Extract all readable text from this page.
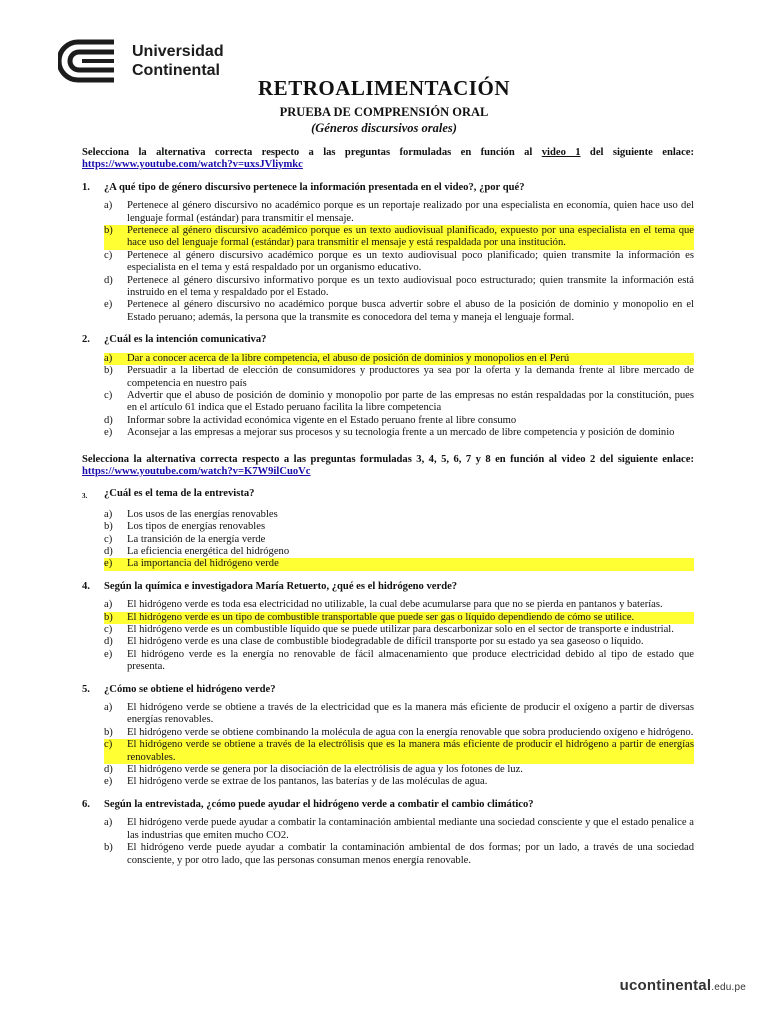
Universidad
Continental
RETROALIMENTACIÓN
PRUEBA DE COMPRENSIÓN ORAL
(Géneros discursivos orales)

Selecciona la alternativa correcta respecto a las preguntas formuladas en función al video 1 del siguiente enlace: https://www.youtube.com/watch?v=uxsJVliymkc

1.	¿A qué tipo de género discursivo pertenece la información presentada en el video?, ¿por qué?
a)	Pertenece al género discursivo no académico porque es un reportaje realizado por una especialista en economía, quien hace uso del lenguaje formal (estándar) para transmitir el mensaje.
b)	Pertenece al género discursivo académico porque es un texto audiovisual planificado, expuesto por una especialista en el tema que hace uso del lenguaje formal (estándar) para transmitir el mensaje y está respaldada por una institución.
c)	Pertenece al género discursivo académico porque es un texto audiovisual poco planificado; quien transmite la información es especialista en el tema y está respaldado por un organismo educativo.
d)	Pertenece al género discursivo informativo porque es un texto audiovisual poco estructurado; quien transmite la información está instruido en el tema y respaldado por el Estado.
e)	Pertenece al género discursivo no académico porque busca advertir sobre el abuso de la posición de dominio y monopolio en el Estado peruano; además, la persona que la transmite es conocedora del tema y maneja el lenguaje formal.
2.	¿Cuál es la intención comunicativa?
a)	Dar a conocer acerca de la libre competencia, el abuso de posición de dominios y monopolios en el Perú
b)	Persuadir a la libertad de elección de consumidores y productores ya sea por la oferta y la demanda frente al libre mercado de competencia en nuestro país
c)	Advertir que el abuso de posición de dominio y monopolio por parte de las empresas no están respaldadas por la constitución, pues en el artículo 61 indica que el Estado peruano facilita la libre competencia
d)	Informar sobre la actividad económica vigente en el Estado peruano frente al libre consumo
e)	Aconsejar a las empresas a mejorar sus procesos y su tecnología frente a un mercado de libre competencia y posición de dominio

Selecciona la alternativa correcta respecto a las preguntas formuladas 3, 4, 5, 6, 7 y 8 en función al video 2 del siguiente enlace: https://www.youtube.com/watch?v=K7W9ilCuoVc

3.	¿Cuál es el tema de la entrevista?
a)	Los usos de las energías renovables
b)	Los tipos de energías renovables
c)	La transición de la energía verde
d)	La eficiencia energética del hidrógeno
e)	La importancia del hidrógeno verde
4.	Según la química e investigadora María Retuerto, ¿qué es el hidrógeno verde?
a)	El hidrógeno verde es toda esa electricidad no utilizable, la cual debe acumularse para que no se pierda en pantanos y baterías.
b)	El hidrógeno verde es un tipo de combustible transportable que puede ser gas o líquido dependiendo de cómo se utilice.
c)	El hidrógeno verde es un combustible líquido que se puede utilizar para descarbonizar solo en el sector de transporte e industrial.
d)	El hidrógeno verde es una clase de combustible biodegradable de difícil transporte por su estado ya sea gaseoso o líquido.
e)	El hidrógeno verde es la energía no renovable de fácil almacenamiento que produce electricidad debido al tipo de estado que presenta.
5.	¿Cómo se obtiene el hidrógeno verde?
a)	El hidrógeno verde se obtiene a través de la electricidad que es la manera más eficiente de producir el oxígeno a partir de diversas energías renovables.
b)	El hidrógeno verde se obtiene combinando la molécula de agua con la energía renovable que sobra produciendo oxígeno e hidrógeno.
c)	El hidrógeno verde se obtiene a través de la electrólisis que es la manera más eficiente de producir el hidrógeno a partir de energías renovables.
d)	El hidrógeno verde se genera por la disociación de la electrólisis de agua y los fotones de luz.
e)	El hidrógeno verde se extrae de los pantanos, las baterías y de las moléculas de agua.
6.	Según la entrevistada, ¿cómo puede ayudar el hidrógeno verde a combatir el cambio climático?
a)	El hidrógeno verde puede ayudar a combatir la contaminación ambiental mediante una sociedad consciente y que el estado penalice a las industrias que emiten mucho CO2.
b)	El hidrógeno verde puede ayudar a combatir la contaminación ambiental de dos formas; por un lado, a través de una sociedad consciente, y por otro lado, que las personas consuman menos energía renovable.
ucontinental.edu.pe
